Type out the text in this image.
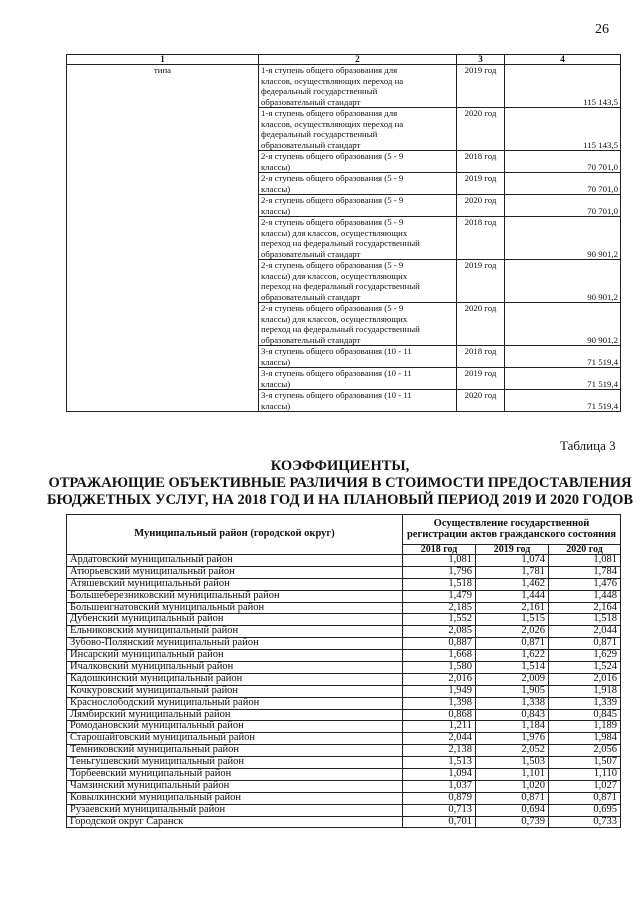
26
1	2	3	4
типа	1-я ступень общего образования для
классов, осуществляющих переход на
федеральный государственный
образовательный стандарт	2019 год	115 143,5
	1-я ступень общего образования для
классов, осуществляющих переход на
федеральный государственный
образовательный стандарт	2020 год	115 143,5
	2-я ступень общего образования (5 - 9
классы)	2018 год	70 701,0
	2-я ступень общего образования (5 - 9
классы)	2019 год	70 701,0
	2-я ступень общего образования (5 - 9
классы)	2020 год	70 701,0
	2-я ступень общего образования (5 - 9
классы) для классов, осуществляющих
переход на федеральный государственный
образовательный стандарт	2018 год	90 901,2
	2-я ступень общего образования (5 - 9
классы) для классов, осуществляющих
переход на федеральный государственный
образовательный стандарт	2019 год	90 901,2
	2-я ступень общего образования (5 - 9
классы) для классов, осуществляющих
переход на федеральный государственный
образовательный стандарт	2020 год	90 901,2
	3-я ступень общего образования (10 - 11
классы)	2018 год	71 519,4
	3-я ступень общего образования (10 - 11
классы)	2019 год	71 519,4
	3-я ступень общего образования (10 - 11
классы)	2020 год	71 519,4
Таблица 3
КОЭФФИЦИЕНТЫ,
ОТРАЖАЮЩИЕ ОБЪЕКТИВНЫЕ РАЗЛИЧИЯ В СТОИМОСТИ ПРЕДОСТАВЛЕНИЯ
БЮДЖЕТНЫХ УСЛУГ, НА 2018 ГОД И НА ПЛАНОВЫЙ ПЕРИОД 2019 И 2020 ГОДОВ
Муниципальный район (городской округ)	Осуществление государственной регистрации актов гражданского состояния		
	2018 год	2019 год	2020 год
Ардатовский муниципальный район	1,081	1,074	1,081
Атюрьевский муниципальный район	1,796	1,781	1,784
Атяшевский муниципальный район	1,518	1,462	1,476
Большеберезниковский муниципальный район	1,479	1,444	1,448
Большеигнатовский муниципальный район	2,185	2,161	2,164
Дубенский муниципальный район	1,552	1,515	1,518
Ельниковский муниципальный район	2,085	2,026	2,044
Зубово-Полянский муниципальный район	0,887	0,871	0,871
Инсарский муниципальный район	1,668	1,622	1,629
Ичалковский муниципальный район	1,580	1,514	1,524
Кадошкинский муниципальный район	2,016	2,009	2,016
Кочкуровский муниципальный район	1,949	1,905	1,918
Краснослободский муниципальный район	1,398	1,338	1,339
Лямбирский муниципальный район	0,868	0,843	0,845
Ромодановский муниципальный район	1,211	1,184	1,189
Старошайговский муниципальный район	2,044	1,976	1,984
Темниковский муниципальный район	2,138	2,052	2,056
Теньгушевский муниципальный район	1,513	1,503	1,507
Торбеевский муниципальный район	1,094	1,101	1,110
Чамзинский муниципальный район	1,037	1,020	1,027
Ковылкинский муниципальный район	0,879	0,871	0,871
Рузаевский муниципальный район	0,713	0,694	0,695
Городской округ Саранск	0,701	0,739	0,733
